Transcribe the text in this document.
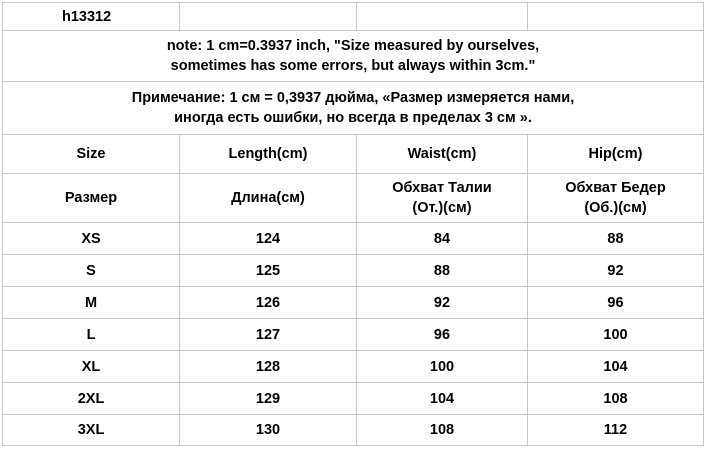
h13312			

note: 1 cm=0.3937 inch, "Size measured by ourselves,
sometimes has some errors, but always within 3cm."			

Примечание: 1 см = 0,3937 дюйма, «Размер измеряется нами,
иногда есть ошибки, но всегда в пределах 3 см ».			

Size	Length(cm)	Waist(cm)	Hip(cm)

Размер	Длина(см)	Обхват Талии
(От.)(см)	Обхват Бедер
(Об.)(см)

XS	124	84	88
S	125	88	92
M	126	92	96
L	127	96	100
XL	128	100	104
2XL	129	104	108
3XL	130	108	112
